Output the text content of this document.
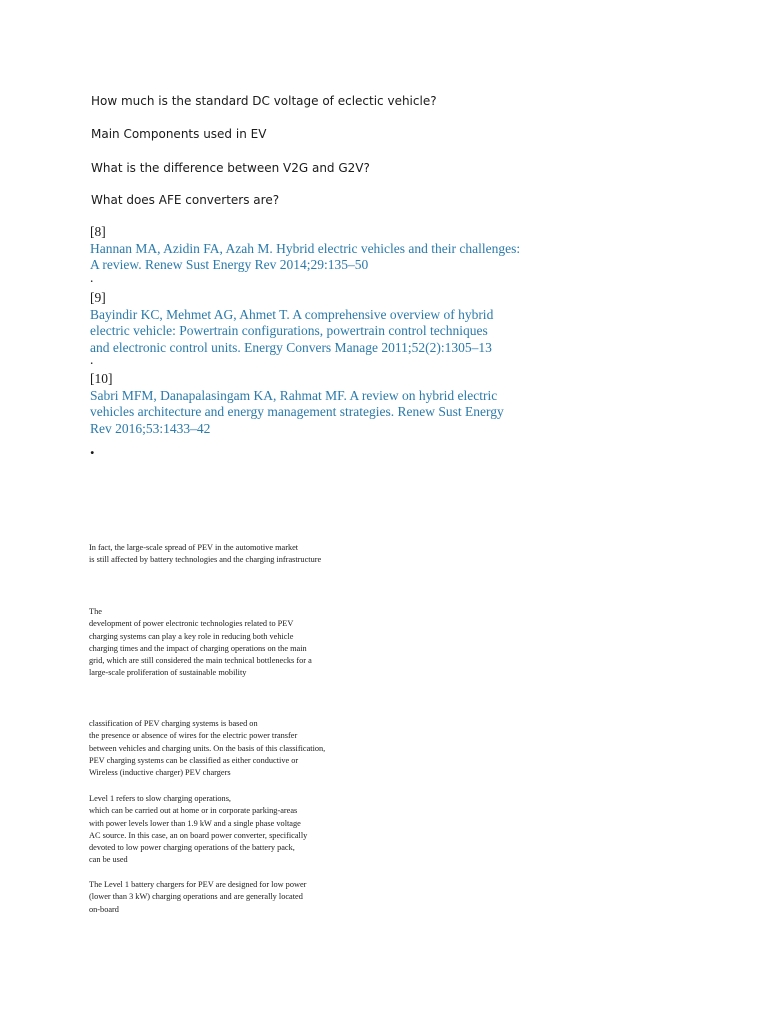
How much is the standard DC voltage of eclectic vehicle?

Main Components used in EV

What is the difference between V2G and G2V?

What does AFE converters are?

[8]
Hannan MA, Azidin FA, Azah M. Hybrid electric vehicles and their challenges:
A review. Renew Sust Energy Rev 2014;29:135–50
.
[9]
Bayindir KC, Mehmet AG, Ahmet T. A comprehensive overview of hybrid
electric vehicle: Powertrain configurations, powertrain control techniques
and electronic control units. Energy Convers Manage 2011;52(2):1305–13
.
[10]
Sabri MFM, Danapalasingam KA, Rahmat MF. A review on hybrid electric
vehicles architecture and energy management strategies. Renew Sust Energy
Rev 2016;53:1433–42
.
In fact, the large-scale spread of PEV in the automotive market
is still affected by battery technologies and the charging infrastructure
The
development of power electronic technologies related to PEV
charging systems can play a key role in reducing both vehicle
charging times and the impact of charging operations on the main
grid, which are still considered the main technical bottlenecks for a
large-scale proliferation of sustainable mobility
classification of PEV charging systems is based on
the presence or absence of wires for the electric power transfer
between vehicles and charging units. On the basis of this classification,
PEV charging systems can be classified as either conductive or
Wireless (inductive charger) PEV chargers
Level 1 refers to slow charging operations,
which can be carried out at home or in corporate parking-areas
with power levels lower than 1.9 kW and a single phase voltage
AC source. In this case, an on board power converter, specifically
devoted to low power charging operations of the battery pack,
can be used
The Level 1 battery chargers for PEV are designed for low power
(lower than 3 kW) charging operations and are generally located
on-board
